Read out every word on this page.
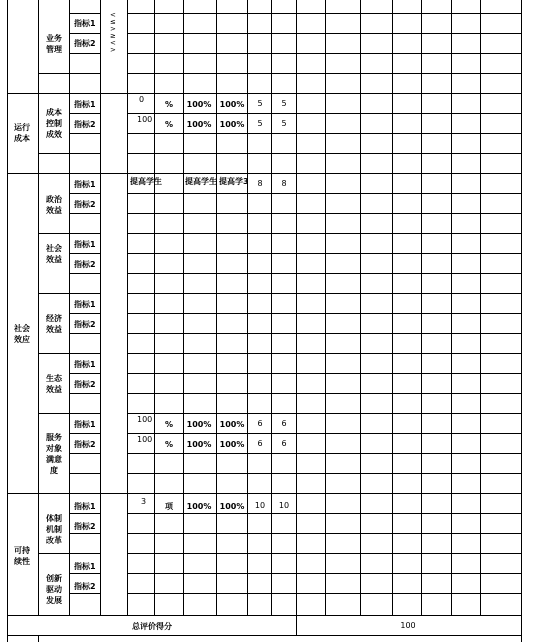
业务
管理
指标1
指标2
<
≤
>
≥
<
>
运行
成本
成本
控制
成效
指标1
指标2
0
% 100% 100% 5 5
100
% 100% 100% 5 5
社会
效应
政治
效益
指标1
指标2
提高学生	提高学生 提高学3 8 8
社会
效益
指标1
指标2
经济
效益
指标1
指标2
生态
效益
指标1
指标2
服务
对象
满意
度
指标1
指标2
100
% 100% 100% 6 6
100
% 100% 100% 6 6
可持
续性
体制
机制
改革
指标1
指标2
3
项 100% 100% 10 10
创新
驱动
发展
指标1
指标2
总评价得分	100
